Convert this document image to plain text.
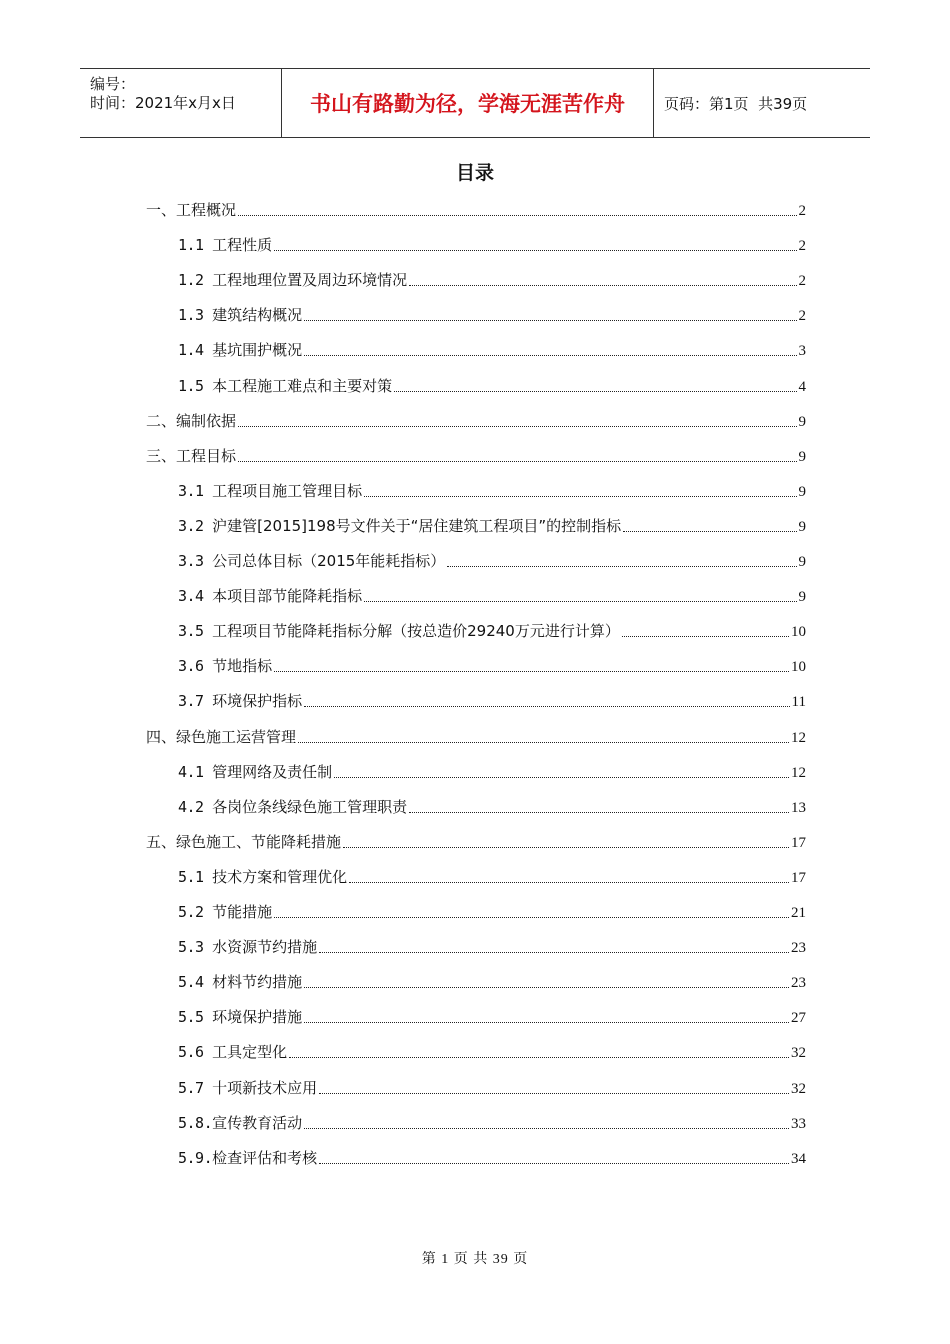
编号：
时间：2021年x月x日	书山有路勤为径，学海无涯苦作舟	页码：第1页  共39页
目录
一、工程概况	2
1.1 工程性质	2
1.2 工程地理位置及周边环境情况	2
1.3 建筑结构概况	2
1.4 基坑围护概况	3
1.5 本工程施工难点和主要对策	4
二、编制依据	9
三、工程目标	9
3.1 工程项目施工管理目标	9
3.2 沪建管[2015]198号文件关于“居住建筑工程项目”的控制指标	9
3.3 公司总体目标（2015年能耗指标）	9
3.4 本项目部节能降耗指标	9
3.5 工程项目节能降耗指标分解（按总造价29240万元进行计算）	10
3.6 节地指标	10
3.7 环境保护指标	11
四、绿色施工运营管理	12
4.1 管理网络及责任制	12
4.2 各岗位条线绿色施工管理职责	13
五、绿色施工、节能降耗措施	17
5.1 技术方案和管理优化	17
5.2 节能措施	21
5.3 水资源节约措施	23
5.4 材料节约措施	23
5.5 环境保护措施	27
5.6 工具定型化	32
5.7 十项新技术应用	32
5.8.宣传教育活动	33
5.9.检查评估和考核	34
第 1 页 共 39 页
